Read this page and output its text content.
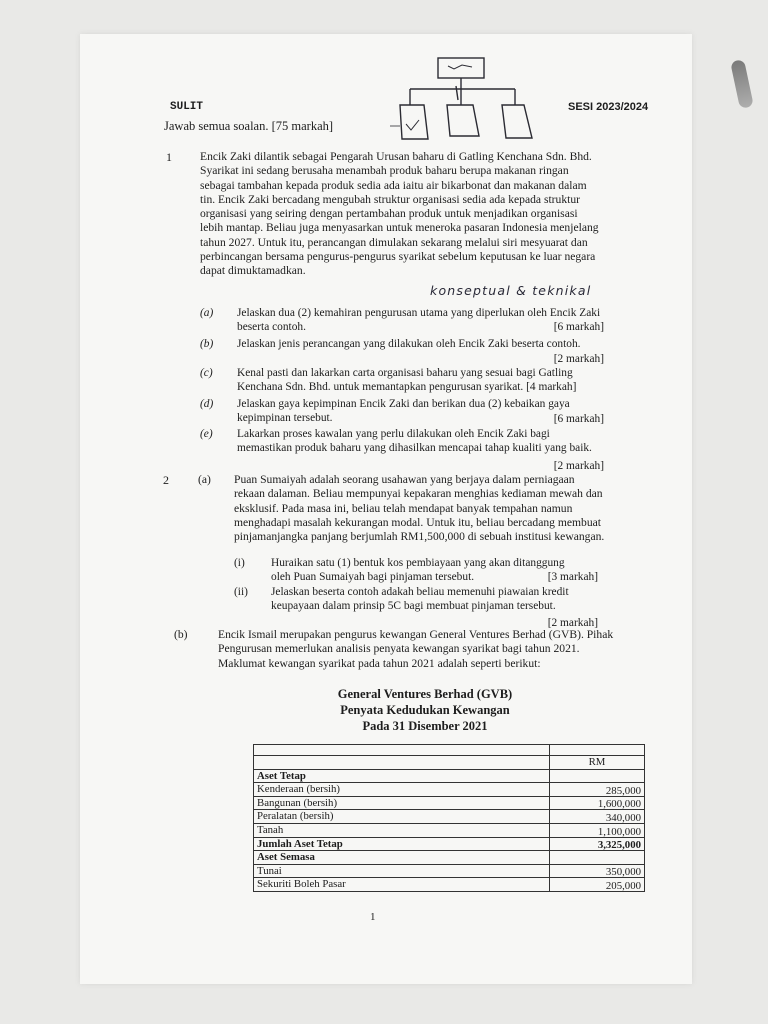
SULIT	SESI 2023/2024
Jawab semua soalan. [75 markah]
1 Encik Zaki dilantik sebagai Pengarah Urusan baharu di Gatling Kenchana Sdn. Bhd.

Syarikat ini sedang berusaha menambah produk baharu berupa makanan ringan

sebagai tambahan kepada produk sedia ada iaitu air bikarbonat dan makanan dalam

tin. Encik Zaki bercadang mengubah struktur organisasi sedia ada kepada struktur

organisasi yang seiring dengan pertambahan produk untuk menjadikan organisasi

lebih mantap. Beliau juga menyasarkan untuk meneroka pasaran Indonesia menjelang

tahun 2027. Untuk itu, perancangan dimulakan sekarang melalui siri mesyuarat dan

perbincangan bersama pengurus-pengurus syarikat sebelum keputusan ke luar negara

dapat dimuktamadkan.

konseptual & teknikal
(a) Jelaskan dua (2) kemahiran pengurusan utama yang diperlukan oleh Encik Zaki beserta contoh.	[6 markah]
(b) Jelaskan jenis perancangan yang dilakukan oleh Encik Zaki beserta contoh.
[2 markah]
(c) Kenal pasti dan lakarkan carta organisasi baharu yang sesuai bagi Gatling Kenchana Sdn. Bhd. untuk memantapkan pengurusan syarikat. [4 markah]
(d) Jelaskan gaya kepimpinan Encik Zaki dan berikan dua (2) kebaikan gaya kepimpinan tersebut.	[6 markah]
(e) Lakarkan proses kawalan yang perlu dilakukan oleh Encik Zaki bagi memastikan produk baharu yang dihasilkan mencapai tahap kualiti yang baik.
[2 markah]
2	(a) Puan Sumaiyah adalah seorang usahawan yang berjaya dalam perniagaan

rekaan dalaman. Beliau mempunyai kepakaran menghias kediaman mewah dan

eksklusif. Pada masa ini, beliau telah mendapat banyak tempahan namun

menghadapi masalah kekurangan modal. Untuk itu, beliau bercadang membuat

pinjamanjangka panjang berjumlah RM1,500,000 di sebuah institusi kewangan.

(i) Huraikan satu (1) bentuk kos pembiayaan yang akan ditanggung oleh Puan Sumaiyah bagi pinjaman tersebut.	[3 markah]
(ii) Jelaskan beserta contoh adakah beliau memenuhi piawaian kredit keupayaan dalam prinsip 5C bagi membuat pinjaman tersebut.
[2 markah]
(b)	Encik Ismail merupakan pengurus kewangan General Ventures Berhad (GVB). Pihak

Pengurusan memerlukan analisis penyata kewangan syarikat bagi tahun 2021.

Maklumat kewangan syarikat pada tahun 2021 adalah seperti berikut:

General Ventures Berhad (GVB)
Penyata Kedudukan Kewangan
Pada 31 Disember 2021

	RM
Aset Tetap	
Kenderaan (bersih)	285,000
Bangunan (bersih)	1,600,000
Peralatan (bersih)	340,000
Tanah	1,100,000
Jumlah Aset Tetap	3,325,000
Aset Semasa	
Tunai	350,000
Sekuriti Boleh Pasar	205,000
1
